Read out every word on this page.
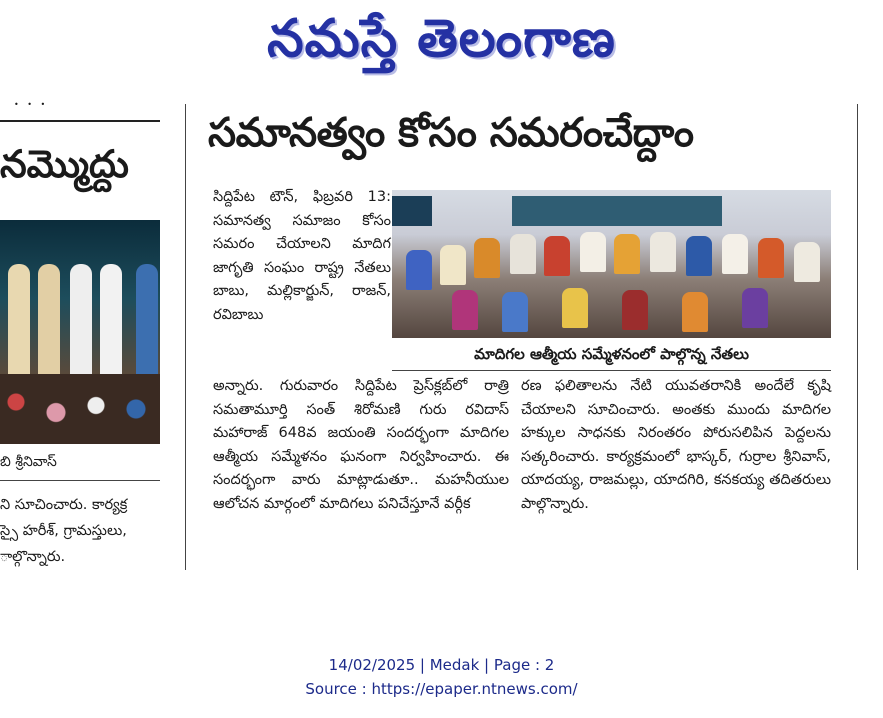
నమస్తే తెలంగాణ
• • •
నమ్మొద్దు
బి శ్రీనివాస్
ని సూచించారు. కార్యక్ర
స్సై హరీశ్, గ్రామస్తులు,
ాల్గొన్నారు.
సమానత్వం కోసం సమరంచేద్దాం
సిద్దిపేట టౌన్, ఫిబ్రవరి 13: సమానత్వ సమాజం కోసం సమరం చేయాలని మాదిగ జాగృతి సంఘం రాష్ట్ర నేతలు బాబు, మల్లికార్జున్, రాజన్, రవిబాబు
మాదిగల ఆత్మీయ సమ్మేళనంలో పాల్గొన్న నేతలు
అన్నారు. గురువారం సిద్దిపేట ప్రెస్‌క్లబ్‌లో రాత్రి సమతామూర్తి సంత్ శిరోమణి గురు రవిదాస్ మహారాజ్ 648వ జయంతి సందర్భంగా మాదిగల ఆత్మీయ సమ్మేళనం ఘనంగా నిర్వహించారు. ఈ సందర్భంగా వారు మాట్లాడుతూ.. మహనీయుల ఆలోచన మార్గంలో మాదిగలు పనిచేస్తూనే వర్గీక
రణ ఫలితాలను నేటి యువతరానికి అందేలే కృషి చేయాలని సూచించారు. అంతకు ముందు మాదిగల హక్కుల సాధనకు నిరంతరం పోరుసలిపిన పెద్దలను సత్కరించారు. కార్యక్రమంలో భాస్కర్, గుర్రాల శ్రీనివాస్, యాదయ్య, రాజమల్లు, యాదగిరి, కనకయ్య తదితరులు పాల్గొన్నారు.
14/02/2025 | Medak | Page : 2
Source : https://epaper.ntnews.com/
